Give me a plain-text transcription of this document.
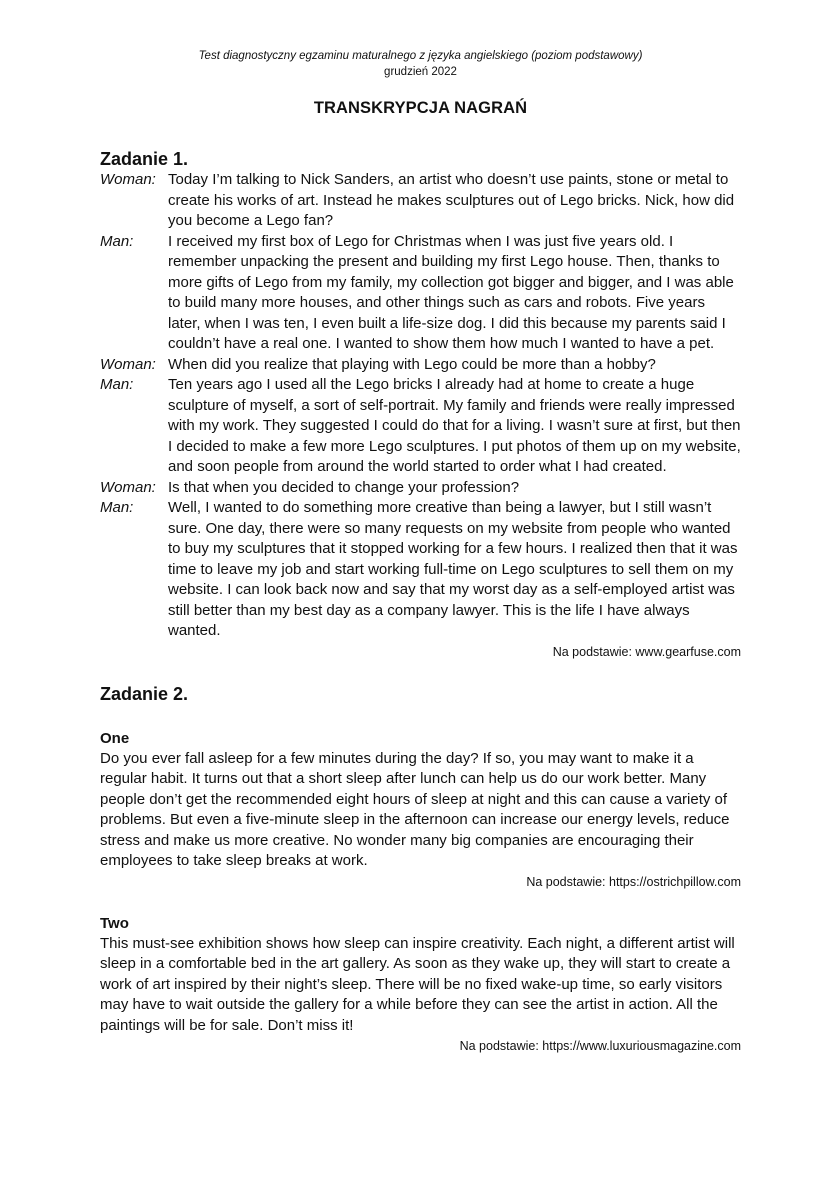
Test diagnostyczny egzaminu maturalnego z języka angielskiego (poziom podstawowy)
grudzień 2022
TRANSKRYPCJA NAGRAŃ
Zadanie 1.
Woman: Today I’m talking to Nick Sanders, an artist who doesn’t use paints, stone or metal to create his works of art. Instead he makes sculptures out of Lego bricks. Nick, how did you become a Lego fan?
Man:	I received my first box of Lego for Christmas when I was just five years old. I remember unpacking the present and building my first Lego house. Then, thanks to more gifts of Lego from my family, my collection got bigger and bigger, and I was able to build many more houses, and other things such as cars and robots. Five years later, when I was ten, I even built a life-size dog. I did this because my parents said I couldn’t have a real one. I wanted to show them how much I wanted to have a pet.
Woman: When did you realize that playing with Lego could be more than a hobby?
Man:	Ten years ago I used all the Lego bricks I already had at home to create a huge sculpture of myself, a sort of self-portrait. My family and friends were really impressed with my work. They suggested I could do that for a living. I wasn’t sure at first, but then I decided to make a few more Lego sculptures. I put photos of them up on my website, and soon people from around the world started to order what I had created.
Woman: Is that when you decided to change your profession?
Man:	Well, I wanted to do something more creative than being a lawyer, but I still wasn’t sure. One day, there were so many requests on my website from people who wanted to buy my sculptures that it stopped working for a few hours. I realized then that it was time to leave my job and start working full-time on Lego sculptures to sell them on my website. I can look back now and say that my worst day as a self-employed artist was still better than my best day as a company lawyer. This is the life I have always wanted.
Na podstawie: www.gearfuse.com
Zadanie 2.
One
Do you ever fall asleep for a few minutes during the day? If so, you may want to make it a regular habit. It turns out that a short sleep after lunch can help us do our work better. Many people don’t get the recommended eight hours of sleep at night and this can cause a variety of problems. But even a five-minute sleep in the afternoon can increase our energy levels, reduce stress and make us more creative. No wonder many big companies are encouraging their employees to take sleep breaks at work.
Na podstawie: https://ostrichpillow.com
Two
This must-see exhibition shows how sleep can inspire creativity. Each night, a different artist will sleep in a comfortable bed in the art gallery. As soon as they wake up, they will start to create a work of art inspired by their night’s sleep. There will be no fixed wake-up time, so early visitors may have to wait outside the gallery for a while before they can see the artist in action. All the paintings will be for sale. Don’t miss it!
Na podstawie: https://www.luxuriousmagazine.com
